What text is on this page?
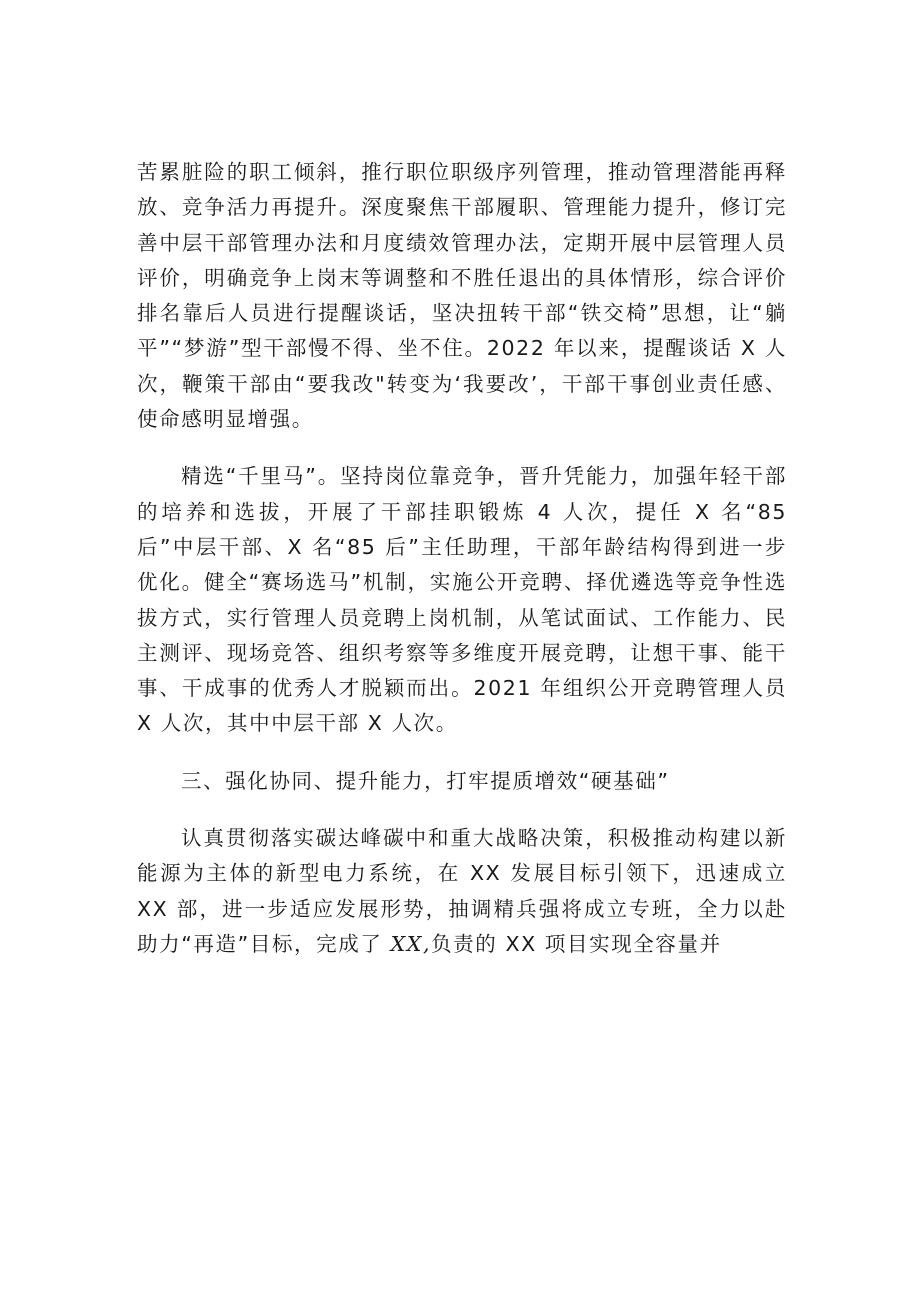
苦累脏险的职工倾斜，推行职位职级序列管理，推动管理潜能再释放、竞争活力再提升。深度聚焦干部履职、管理能力提升，修订完善中层干部管理办法和月度绩效管理办法，定期开展中层管理人员评价，明确竞争上岗末等调整和不胜任退出的具体情形，综合评价排名靠后人员进行提醒谈话，坚决扭转干部“铁交椅”思想，让“躺平”“梦游”型干部慢不得、坐不住。2022 年以来，提醒谈话 X 人次，鞭策干部由“要我改"转变为‘我要改’，干部干事创业责任感、使命感明显增强。

精选“千里马”。坚持岗位靠竞争，晋升凭能力，加强年轻干部的培养和选拔，开展了干部挂职锻炼 4 人次，提任 X 名“85 后”中层干部、X 名“85 后”主任助理，干部年龄结构得到进一步优化。健全“赛场选马”机制，实施公开竞聘、择优遴选等竞争性选拔方式，实行管理人员竞聘上岗机制，从笔试面试、工作能力、民主测评、现场竞答、组织考察等多维度开展竞聘，让想干事、能干事、干成事的优秀人才脱颖而出。2021 年组织公开竞聘管理人员 X 人次，其中中层干部 X 人次。

三、强化协同、提升能力，打牢提质增效“硬基础”

认真贯彻落实碳达峰碳中和重大战略决策，积极推动构建以新能源为主体的新型电力系统，在 XX 发展目标引领下，迅速成立 XX 部，进一步适应发展形势，抽调精兵强将成立专班，全力以赴助力“再造”目标，完成了 XX,负责的 XX 项目实现全容量并
